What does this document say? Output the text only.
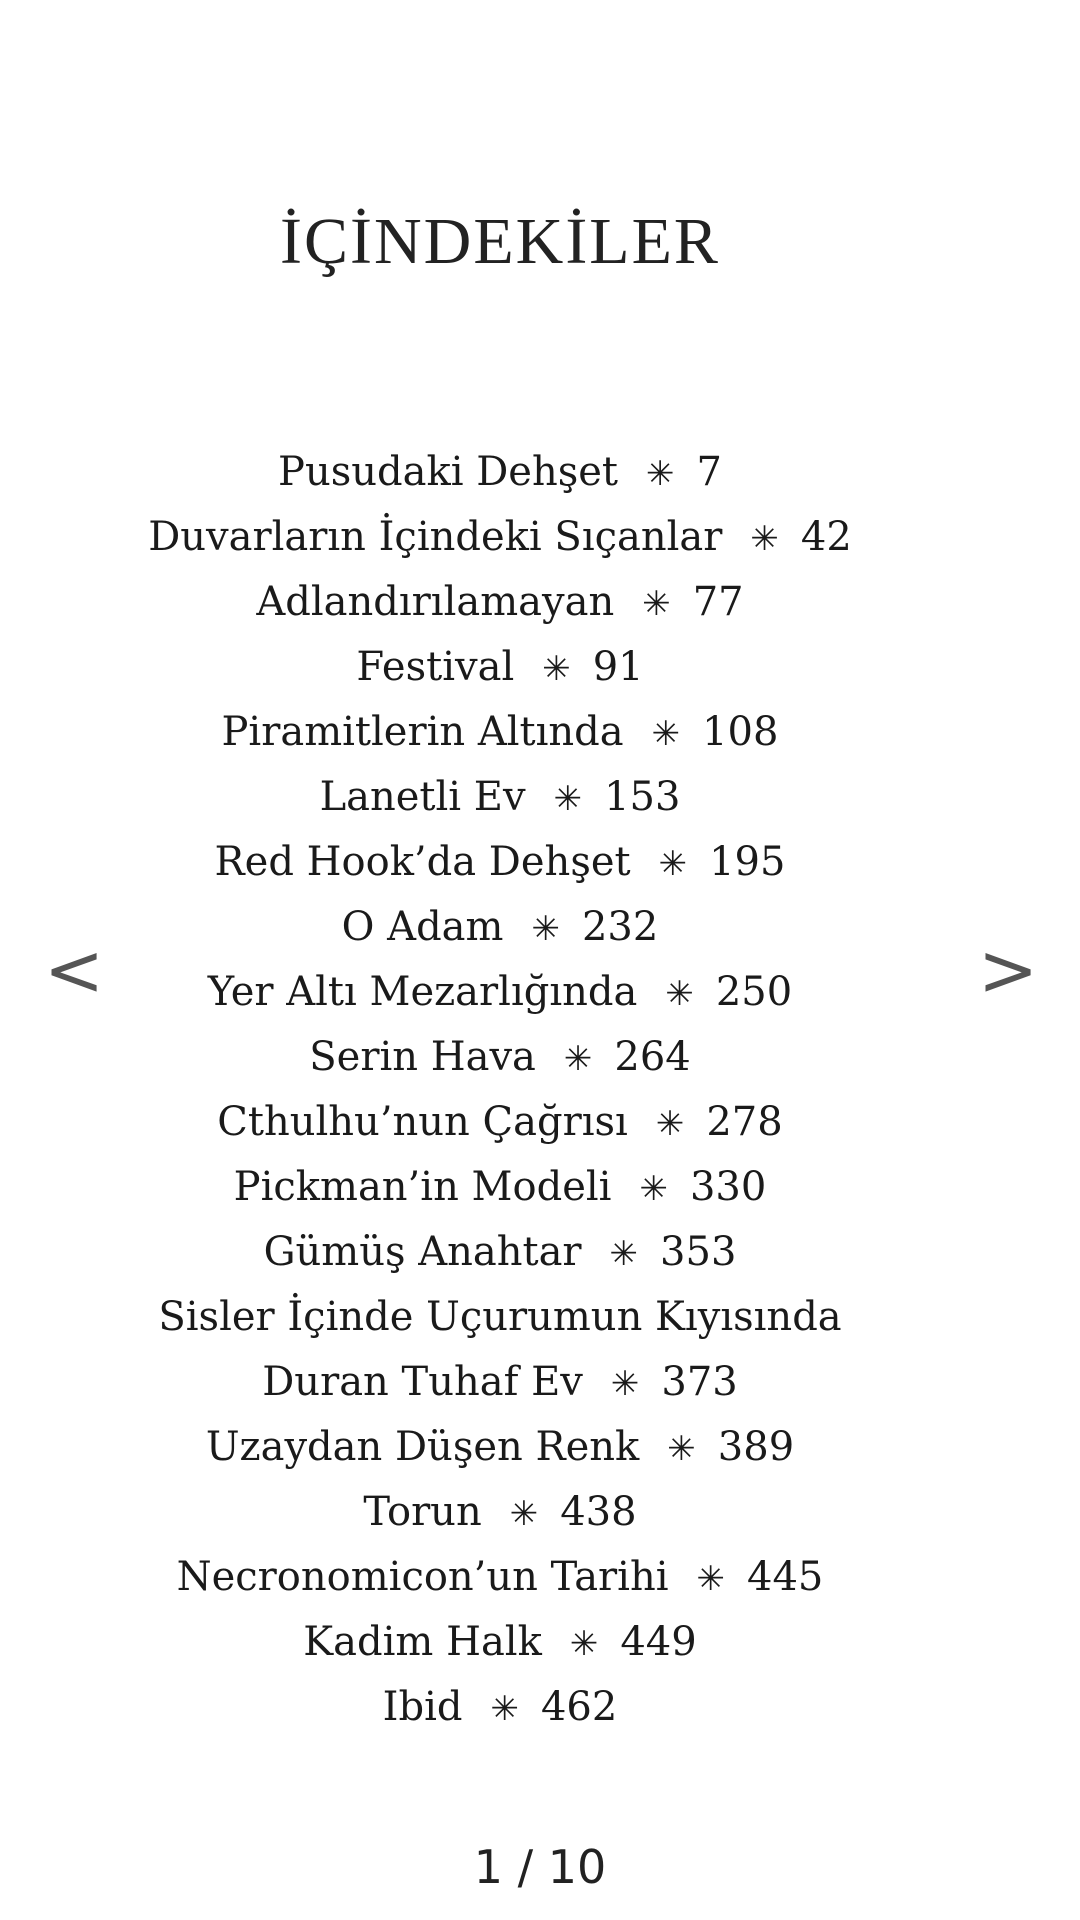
İÇİNDEKİLER
Pusudaki Dehşet ✳ 7
Duvarların İçindeki Sıçanlar ✳ 42
Adlandırılamayan ✳ 77
Festival ✳ 91
Piramitlerin Altında ✳ 108
Lanetli Ev ✳ 153
Red Hook’da Dehşet ✳ 195
O Adam ✳ 232
Yer Altı Mezarlığında ✳ 250
Serin Hava ✳ 264
Cthulhu’nun Çağrısı ✳ 278
Pickman’in Modeli ✳ 330
Gümüş Anahtar ✳ 353
Sisler İçinde Uçurumun Kıyısında
Duran Tuhaf Ev ✳ 373
Uzaydan Düşen Renk ✳ 389
Torun ✳ 438
Necronomicon’un Tarihi ✳ 445
Kadim Halk ✳ 449
Ibid ✳ 462
<	>
1 / 10
